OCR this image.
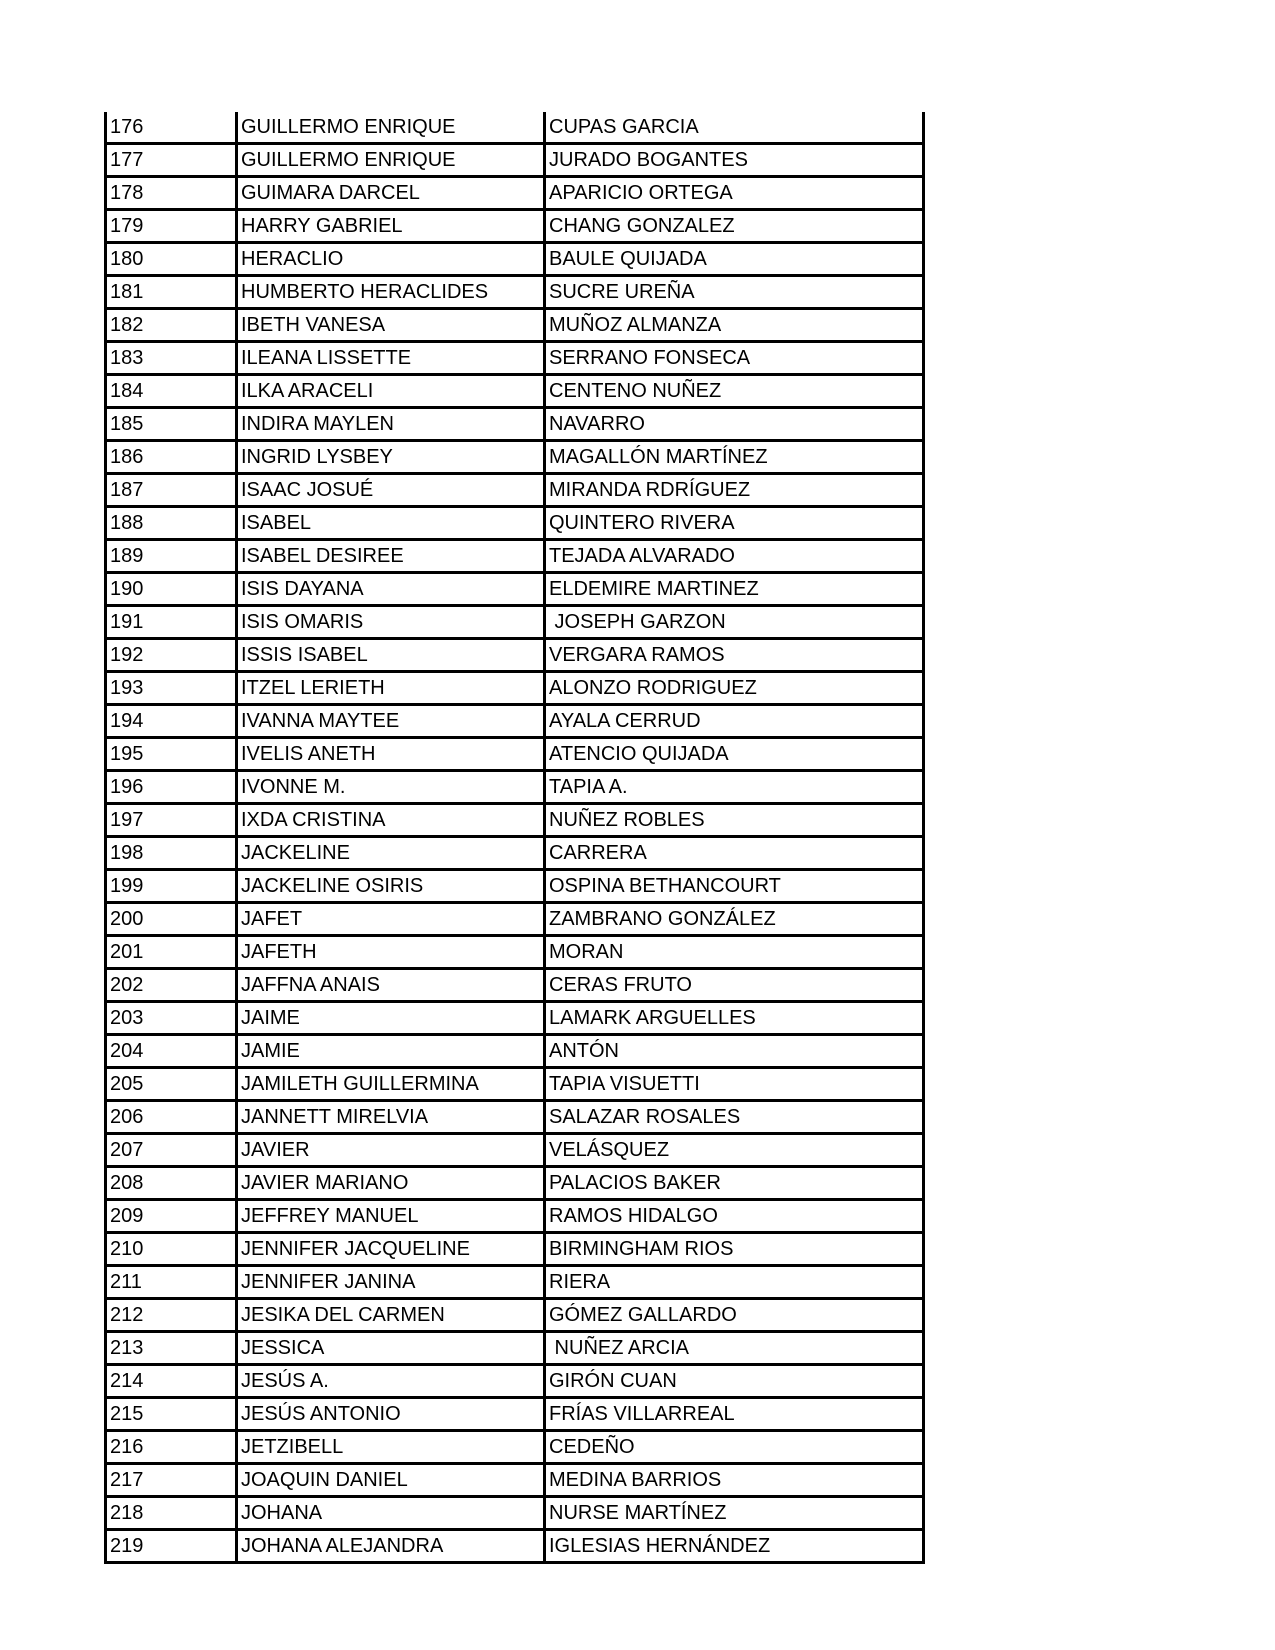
176	GUILLERMO ENRIQUE	CUPAS GARCIA
177	GUILLERMO ENRIQUE	JURADO BOGANTES
178	GUIMARA DARCEL	APARICIO ORTEGA
179	HARRY GABRIEL	CHANG GONZALEZ
180	HERACLIO	BAULE QUIJADA
181	HUMBERTO HERACLIDES	SUCRE UREÑA
182	IBETH VANESA	MUÑOZ ALMANZA
183	ILEANA LISSETTE	SERRANO FONSECA
184	ILKA ARACELI	CENTENO NUÑEZ
185	INDIRA MAYLEN	NAVARRO
186	INGRID LYSBEY	MAGALLÓN MARTÍNEZ
187	ISAAC JOSUÉ	MIRANDA RDRÍGUEZ
188	ISABEL	QUINTERO RIVERA
189	ISABEL DESIREE	TEJADA ALVARADO
190	ISIS DAYANA	ELDEMIRE MARTINEZ
191	ISIS OMARIS	JOSEPH GARZON
192	ISSIS ISABEL	VERGARA RAMOS
193	ITZEL LERIETH	ALONZO RODRIGUEZ
194	IVANNA MAYTEE	AYALA CERRUD
195	IVELIS ANETH	ATENCIO QUIJADA
196	IVONNE M.	TAPIA A.
197	IXDA CRISTINA	NUÑEZ ROBLES
198	JACKELINE	CARRERA
199	JACKELINE OSIRIS	OSPINA BETHANCOURT
200	JAFET	ZAMBRANO GONZÁLEZ
201	JAFETH	MORAN
202	JAFFNA ANAIS	CERAS FRUTO
203	JAIME	LAMARK ARGUELLES
204	JAMIE	ANTÓN
205	JAMILETH GUILLERMINA	TAPIA VISUETTI
206	JANNETT MIRELVIA	SALAZAR ROSALES
207	JAVIER	VELÁSQUEZ
208	JAVIER MARIANO	PALACIOS BAKER
209	JEFFREY MANUEL	RAMOS HIDALGO
210	JENNIFER JACQUELINE	BIRMINGHAM RIOS
211	JENNIFER JANINA	RIERA
212	JESIKA DEL CARMEN	GÓMEZ GALLARDO
213	JESSICA	NUÑEZ ARCIA
214	JESÚS A.	GIRÓN CUAN
215	JESÚS ANTONIO	FRÍAS VILLARREAL
216	JETZIBELL	CEDEÑO
217	JOAQUIN DANIEL	MEDINA BARRIOS
218	JOHANA	NURSE MARTÍNEZ
219	JOHANA ALEJANDRA	IGLESIAS HERNÁNDEZ
